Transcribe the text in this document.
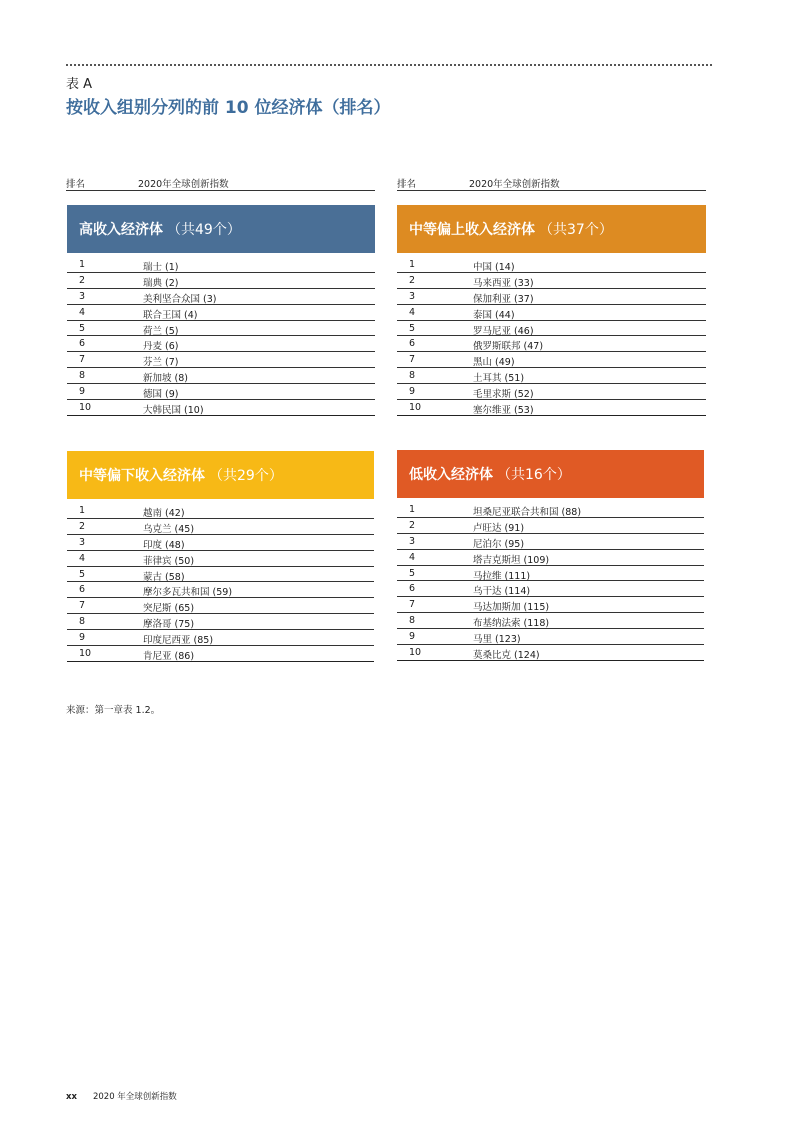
表 A
按收入组别分列的前 10 位经济体（排名）
排名	2020年全球创新指数	排名	2020年全球创新指数
高收入经济体 （共49个）
1	瑞士 (1)
2	瑞典 (2)
3	美利坚合众国 (3)
4	联合王国 (4)
5	荷兰 (5)
6	丹麦 (6)
7	芬兰 (7)
8	新加坡 (8)
9	德国 (9)
10	大韩民国 (10)
中等偏上收入经济体 （共37个）
1	中国 (14)
2	马来西亚 (33)
3	保加利亚 (37)
4	泰国 (44)
5	罗马尼亚 (46)
6	俄罗斯联邦 (47)
7	黑山 (49)
8	土耳其 (51)
9	毛里求斯 (52)
10	塞尔维亚 (53)
中等偏下收入经济体 （共29个）
1	越南 (42)
2	乌克兰 (45)
3	印度 (48)
4	菲律宾 (50)
5	蒙古 (58)
6	摩尔多瓦共和国 (59)
7	突尼斯 (65)
8	摩洛哥 (75)
9	印度尼西亚 (85)
10	肯尼亚 (86)
低收入经济体 （共16个）
1	坦桑尼亚联合共和国 (88)
2	卢旺达 (91)
3	尼泊尔 (95)
4	塔吉克斯坦 (109)
5	马拉维 (111)
6	乌干达 (114)
7	马达加斯加 (115)
8	布基纳法索 (118)
9	马里 (123)
10	莫桑比克 (124)
来源：第一章表 1.2。
xx 2020 年全球创新指数
